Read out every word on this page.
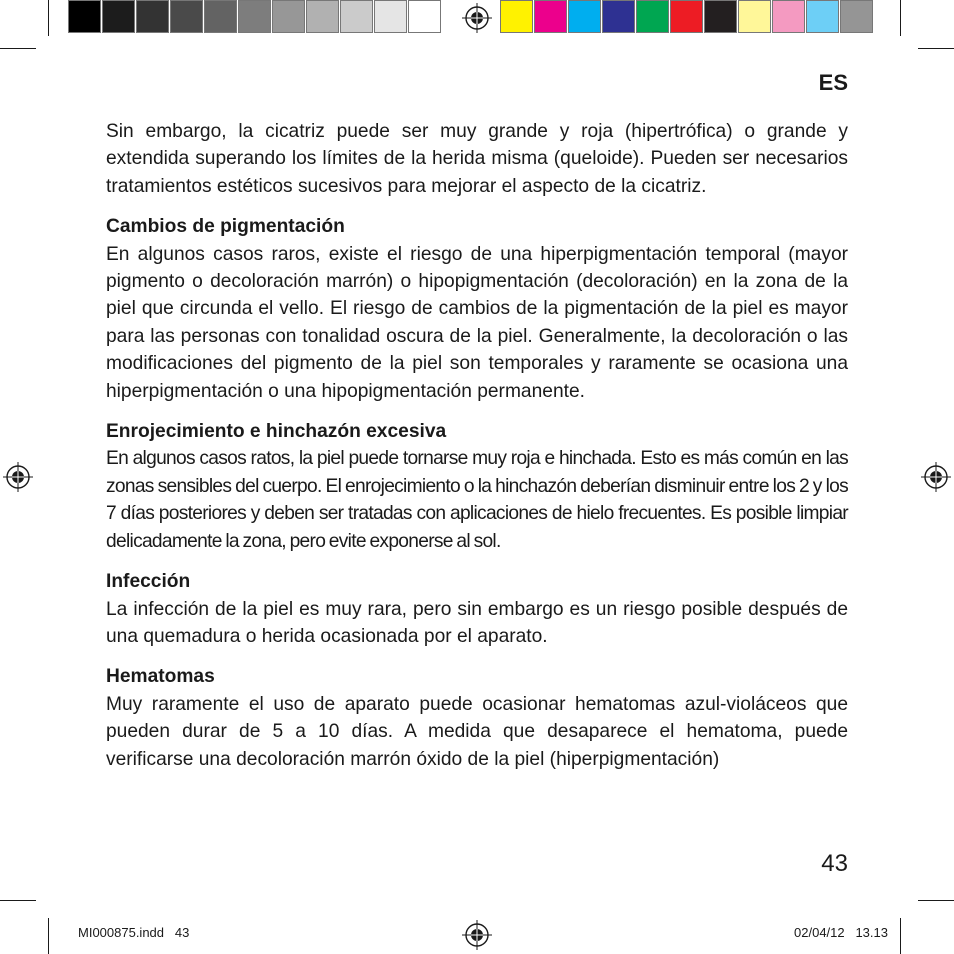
ES

Sin embargo, la cicatriz puede ser muy grande y roja (hipertrófica) o grande y extendida superando los límites de la herida misma (queloide). Pueden ser necesarios tratamientos estéticos sucesivos para mejorar el aspecto de la cicatriz.

Cambios de pigmentación

En algunos casos raros, existe el riesgo de una hiperpigmentación temporal (mayor pigmento o decoloración marrón) o hipopigmentación (decoloración) en la zona de la piel que circunda el vello. El riesgo de cambios de la pigmentación de la piel es mayor para las personas con tonalidad oscura de la piel. Generalmente, la decoloración o las modificaciones del pigmento de la piel son temporales y raramente se ocasiona una hiperpigmentación o una hipopigmentación permanente.

Enrojecimiento e hinchazón excesiva

En algunos casos ratos, la piel puede tornarse muy roja e hinchada. Esto es más común en las zonas sensibles del cuerpo. El enrojecimiento o la hinchazón deberían disminuir entre los 2 y los 7 días posteriores y deben ser tratadas con aplicaciones de hielo frecuentes. Es posible limpiar delicadamente la zona, pero evite exponerse al sol.

Infección

La infección de la piel es muy rara, pero sin embargo es un riesgo posible después de una quemadura o herida ocasionada por el aparato.

Hematomas

Muy raramente el uso de aparato puede ocasionar hematomas azul-violáceos que pueden durar de 5 a 10 días. A medida que desaparece el hematoma, puede verificarse una decoloración marrón óxido de la piel (hiperpigmentación)

43
MI000875.indd   43	02/04/12   13.13
